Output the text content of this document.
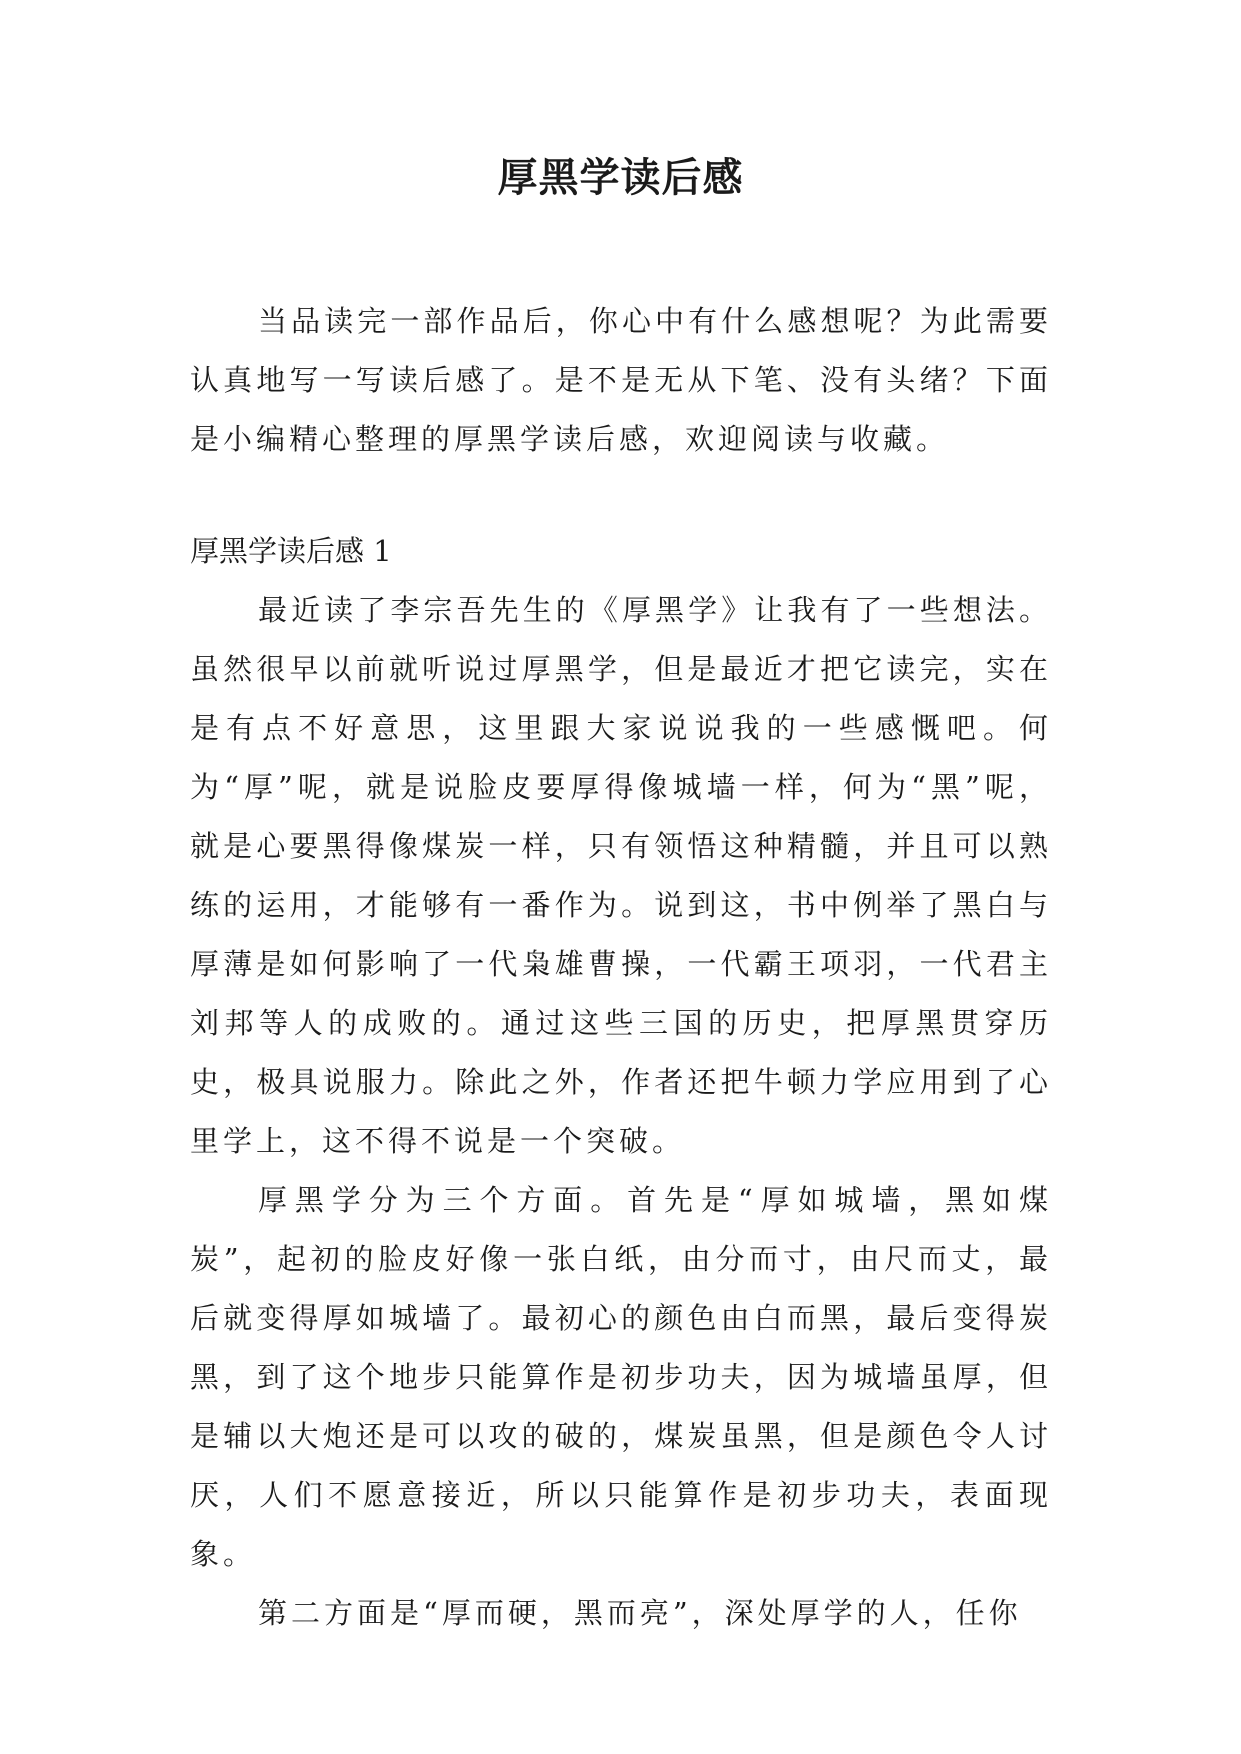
厚黑学读后感

当品读完一部作品后，你心中有什么感想呢？为此需要认真地写一写读后感了。是不是无从下笔、没有头绪？下面是小编精心整理的厚黑学读后感，欢迎阅读与收藏。

厚黑学读后感 1

最近读了李宗吾先生的《厚黑学》让我有了一些想法。虽然很早以前就听说过厚黑学，但是最近才把它读完，实在是有点不好意思，这里跟大家说说我的一些感慨吧。何为“厚”呢，就是说脸皮要厚得像城墙一样，何为“黑”呢，就是心要黑得像煤炭一样，只有领悟这种精髓，并且可以熟练的运用，才能够有一番作为。说到这，书中例举了黑白与厚薄是如何影响了一代枭雄曹操，一代霸王项羽，一代君主刘邦等人的成败的。通过这些三国的历史，把厚黑贯穿历史，极具说服力。除此之外，作者还把牛顿力学应用到了心里学上，这不得不说是一个突破。

厚黑学分为三个方面。首先是“厚如城墙，黑如煤炭”，起初的脸皮好像一张白纸，由分而寸，由尺而丈，最后就变得厚如城墙了。最初心的颜色由白而黑，最后变得炭黑，到了这个地步只能算作是初步功夫，因为城墙虽厚，但是辅以大炮还是可以攻的破的，煤炭虽黑，但是颜色令人讨厌，人们不愿意接近，所以只能算作是初步功夫，表面现象。

第二方面是“厚而硬，黑而亮”，深处厚学的人，任你
